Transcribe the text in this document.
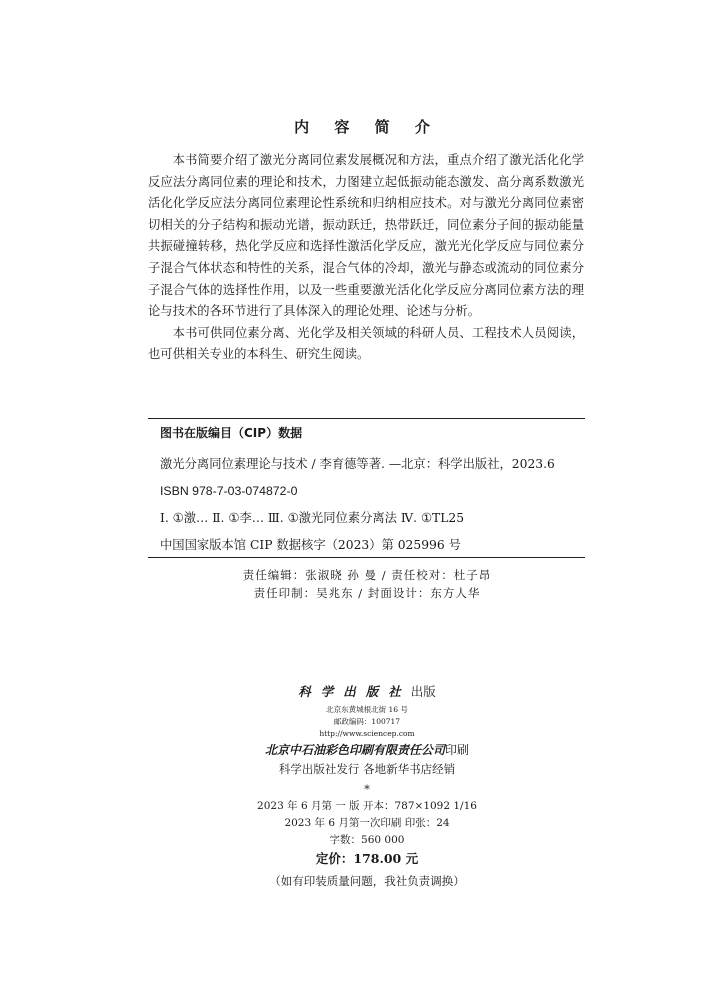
内 容 简 介

本书简要介绍了激光分离同位素发展概况和方法，重点介绍了激光活化化学反应法分离同位素的理论和技术，力图建立起低振动能态激发、高分离系数激光活化化学反应法分离同位素理论性系统和归纳相应技术。对与激光分离同位素密切相关的分子结构和振动光谱，振动跃迁，热带跃迁，同位素分子间的振动能量共振碰撞转移，热化学反应和选择性激活化学反应，激光光化学反应与同位素分子混合气体状态和特性的关系，混合气体的冷却，激光与静态或流动的同位素分子混合气体的选择性作用，以及一些重要激光活化化学反应分离同位素方法的理论与技术的各环节进行了具体深入的理论处理、论述与分析。

本书可供同位素分离、光化学及相关领域的科研人员、工程技术人员阅读，也可供相关专业的本科生、研究生阅读。

图书在版编目（CIP）数据
激光分离同位素理论与技术 / 李育德等著. —北京：科学出版社，2023.6
ISBN 978-7-03-074872-0
Ⅰ. ①激… Ⅱ. ①李… Ⅲ. ①激光同位素分离法 Ⅳ. ①TL25
中国国家版本馆 CIP 数据核字（2023）第 025996 号
责任编辑：张淑晓 孙 曼 / 责任校对：杜子昂
责任印制：吴兆东 / 封面设计：东方人华
科学出版社出版
北京东黄城根北街 16 号
邮政编码：100717
http://www.sciencep.com
北京中石油彩色印刷有限责任公司印刷
科学出版社发行 各地新华书店经销
*
2023 年 6 月第 一 版 开本：787×1092 1/16
2023 年 6 月第一次印刷 印张：24
字数：560 000
定价：178.00 元
（如有印装质量问题，我社负责调换）
